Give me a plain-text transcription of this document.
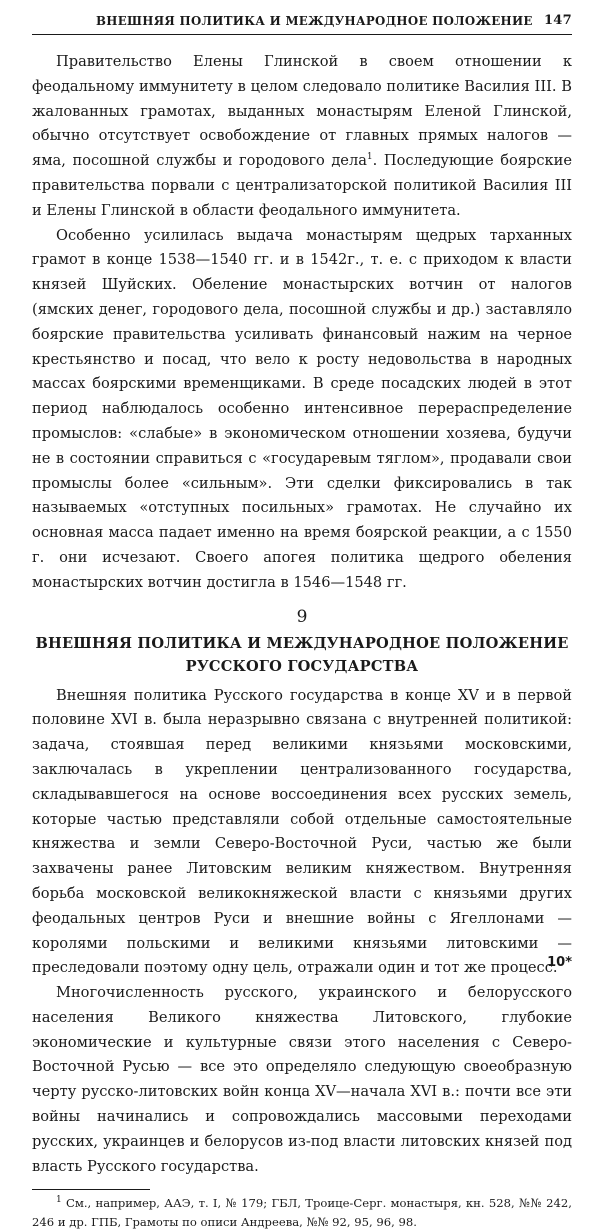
ВНЕШНЯЯ ПОЛИТИКА И МЕЖДУНАРОДНОЕ ПОЛОЖЕНИЕ 147

Правительство Елены Глинской в своем отношении к феодальному иммунитету в целом следовало политике Василия III. В жалованных грамотах, выданных монастырям Еленой Глинской, обычно отсутствует освобождение от главных прямых налогов — яма, посошной службы и городового дела$^1$. Последующие боярские правительства порвали с централизаторской политикой Василия III и Елены Глинской в области феодального иммунитета.

Особенно усилилась выдача монастырям щедрых тарханных грамот в конце 1538—1540 гг. и в 1542г., т. е. с приходом к власти князей Шуйских. Обеление монастырских вотчин от налогов (ямских денег, городового дела, посошной службы и др.) заставляло боярские правительства усиливать финансовый нажим на черное крестьянство и посад, что вело к росту недовольства в народных массах боярскими временщиками. В среде посадских людей в этот период наблюдалось особенно интенсивное перераспределение промыслов: «слабые» в экономическом отношении хозяева, будучи не в состоянии справиться с «государевым тяглом», продавали свои промыслы более «сильным». Эти сделки фиксировались в так называемых «отступных посильных» грамотах. Не случайно их основная масса падает именно на время боярской реакции, а с 1550 г. они исчезают. Своего апогея политика щедрого обеления монастырских вотчин достигла в 1546—1548 гг.

9
ВНЕШНЯЯ ПОЛИТИКА И МЕЖДУНАРОДНОЕ ПОЛОЖЕНИЕ
РУССКОГО ГОСУДАРСТВА

Внешняя политика Русского государства в конце XV и в первой половине XVI в. была неразрывно связана с внутренней политикой: задача, стоявшая перед великими князьями московскими, заключалась в укреплении централизованного государства, складывавшегося на основе воссоединения всех русских земель, которые частью представляли собой отдельные самостоятельные княжества и земли Северо-Восточной Руси, частью же были захвачены ранее Литовским великим княжеством. Внутренняя борьба московской великокняжеской власти с князьями других феодальных центров Руси и внешние войны с Ягеллонами — королями польскими и великими князьями литовскими — преследовали поэтому одну цель, отражали один и тот же процесс.

Многочисленность русского, украинского и белорусского населения Великого княжества Литовского, глубокие экономические и культурные связи этого населения с Северо-Восточной Русью — все это определяло следующую своеобразную черту русско-литовских войн конца XV—начала XVI в.: почти все эти войны начинались и сопровождались массовыми переходами русских, украинцев и белорусов из-под власти литовских князей под власть Русского государства.

$^1$ См., например, ААЭ, т. I, № 179; ГБЛ, Троице-Серг. монастыря, кн. 528, №№ 242, 246 и др. ГПБ, Грамоты по описи Андреева, №№ 92, 95, 96, 98.

10*
